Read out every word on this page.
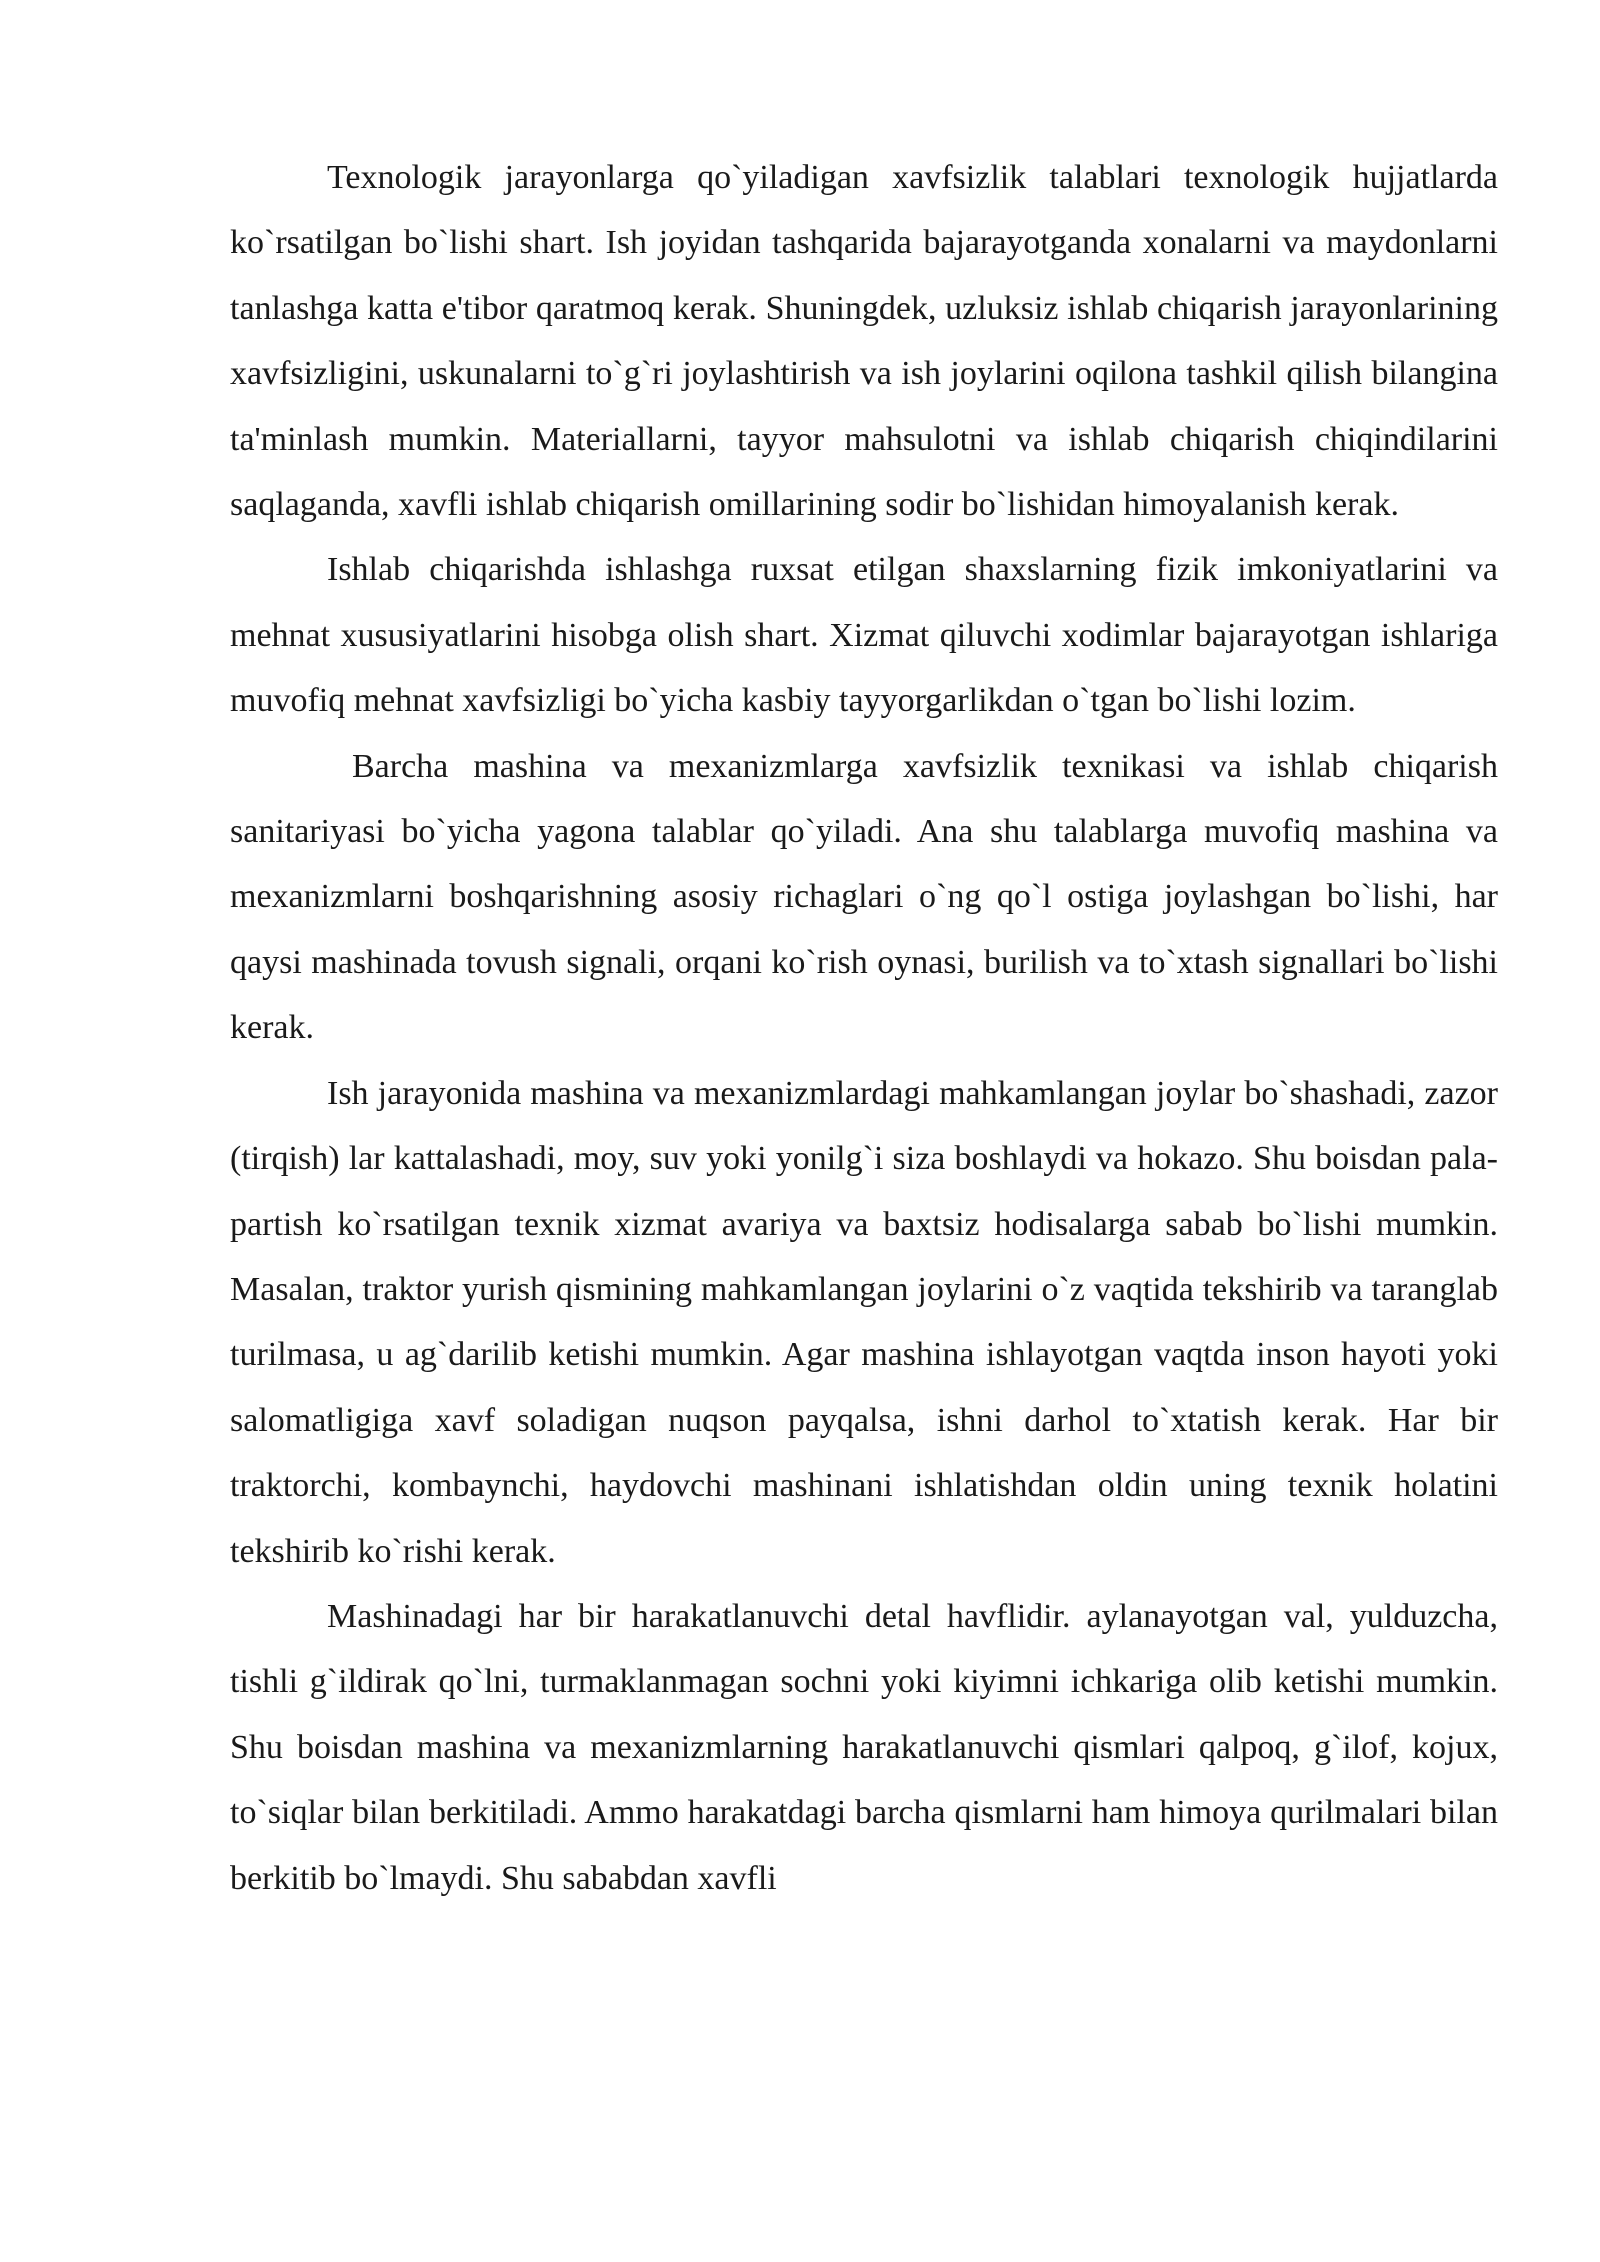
Texnologik jarayonlarga qo`yiladigan xavfsizlik talablari texnologik hujjatlarda ko`rsatilgan bo`lishi shart. Ish joyidan tashqarida bajarayotganda xonalarni va maydonlarni tanlashga katta e'tibor qaratmoq kerak. Shuningdek, uzluksiz ishlab chiqarish jarayonlarining xavfsizligini, uskunalarni to`g`ri joylashtirish va ish joylarini oqilona tashkil qilish bilangina ta'minlash mumkin. Materiallarni, tayyor mahsulotni va ishlab chiqarish chiqindilarini saqlaganda, xavfli ishlab chiqarish omillarining sodir bo`lishidan himoyalanish kerak.

Ishlab chiqarishda ishlashga ruxsat etilgan shaxslarning fizik imkoniyatlarini va mehnat xususiyatlarini hisobga olish shart. Xizmat qiluvchi xodimlar bajarayotgan ishlariga muvofiq mehnat xavfsizligi bo`yicha kasbiy tayyorgarlikdan o`tgan bo`lishi lozim.

Barcha mashina va mexanizmlarga xavfsizlik texnikasi va ishlab chiqarish sanitariyasi bo`yicha yagona talablar qo`yiladi. Ana shu talablarga muvofiq mashina va mexanizmlarni boshqarishning asosiy richaglari o`ng qo`l ostiga joylashgan bo`lishi, har qaysi mashinada tovush signali, orqani ko`rish oynasi, burilish va to`xtash signallari bo`lishi kerak.

Ish jarayonida mashina va mexanizmlardagi mahkamlangan joylar bo`shashadi, zazor (tirqish) lar kattalashadi, moy, suv yoki yonilg`i siza boshlaydi va hokazo. Shu boisdan pala-partish ko`rsatilgan texnik xizmat avariya va baxtsiz hodisalarga sabab bo`lishi mumkin. Masalan, traktor yurish qismining mahkamlangan joylarini o`z vaqtida tekshirib va taranglab turilmasa, u ag`darilib ketishi mumkin. Agar mashina ishlayotgan vaqtda inson hayoti yoki salomatligiga xavf soladigan nuqson payqalsa, ishni darhol to`xtatish kerak. Har bir traktorchi, kombaynchi, haydovchi mashinani ishlatishdan oldin uning texnik holatini tekshirib ko`rishi kerak.

Mashinadagi har bir harakatlanuvchi detal havflidir. aylanayotgan val, yulduzcha, tishli g`ildirak qo`lni, turmaklanmagan sochni yoki kiyimni ichkariga olib ketishi mumkin. Shu boisdan mashina va mexanizmlarning harakatlanuvchi qismlari qalpoq, g`ilof, kojux, to`siqlar bilan berkitiladi. Ammo harakatdagi barcha qismlarni ham himoya qurilmalari bilan berkitib bo`lmaydi. Shu sababdan xavfli
